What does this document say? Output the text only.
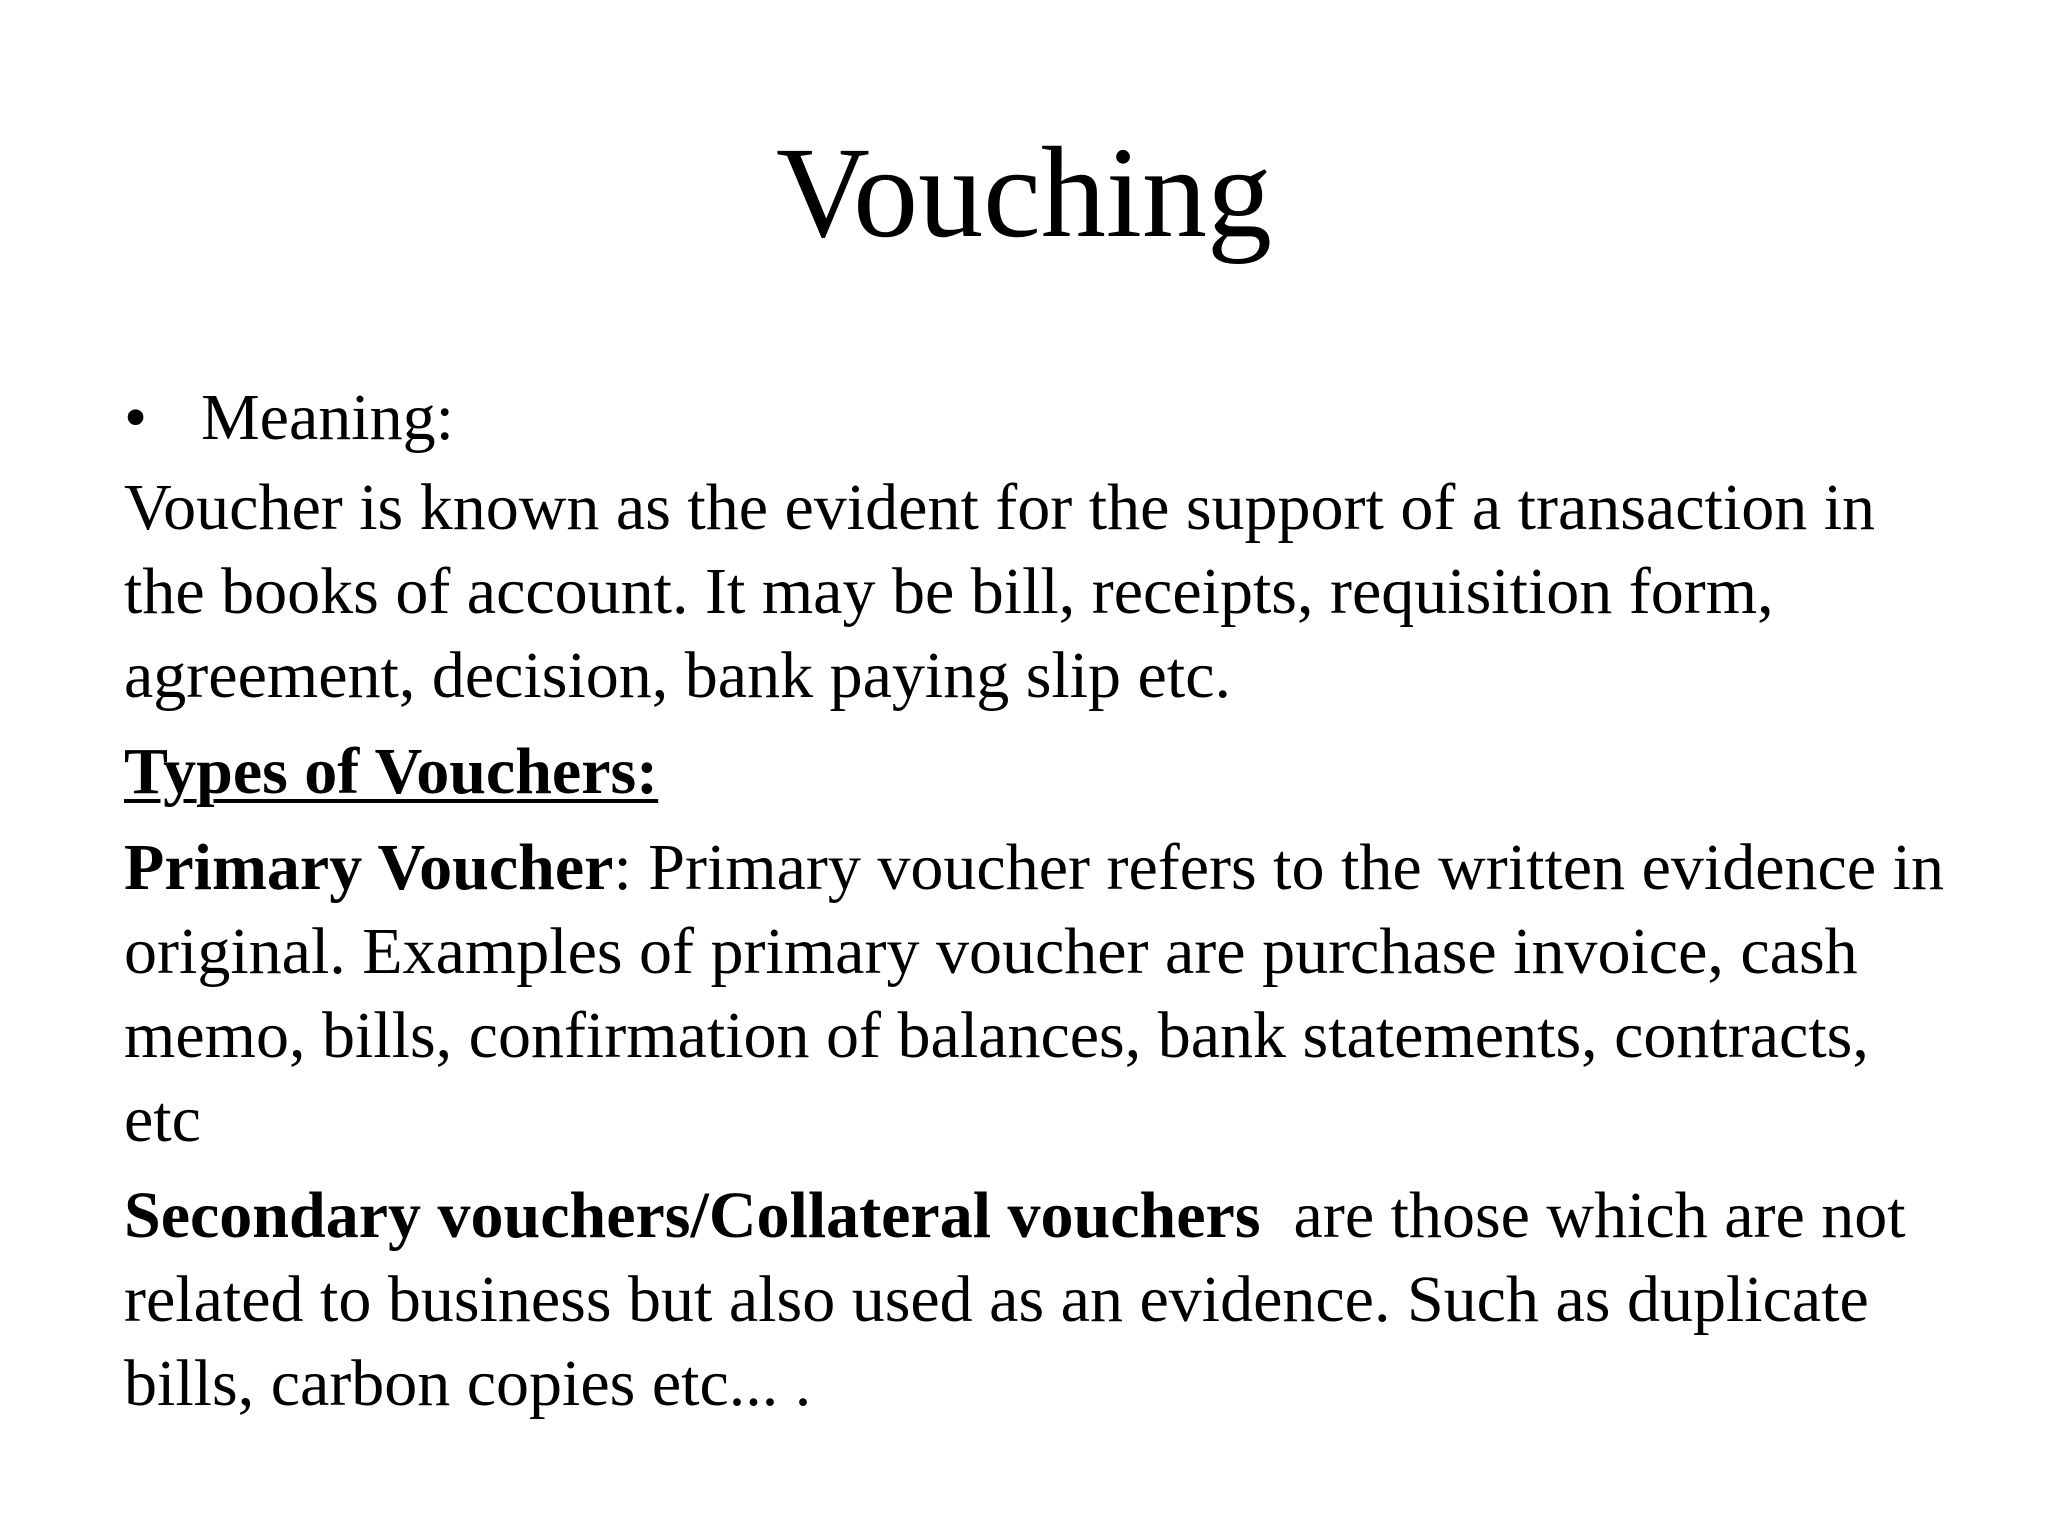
Vouching
• Meaning:

Voucher is known as the evident for the support of a transaction in the books of account. It may be bill, receipts, requisition form, agreement, decision, bank paying slip etc.

Types of Vouchers:

Primary Voucher: Primary voucher refers to the written evidence in original. Examples of primary voucher are purchase invoice, cash memo, bills, confirmation of balances, bank statements, contracts, etc

Secondary vouchers/Collateral vouchers  are those which are not related to business but also used as an evidence. Such as duplicate bills, carbon copies etc... .
